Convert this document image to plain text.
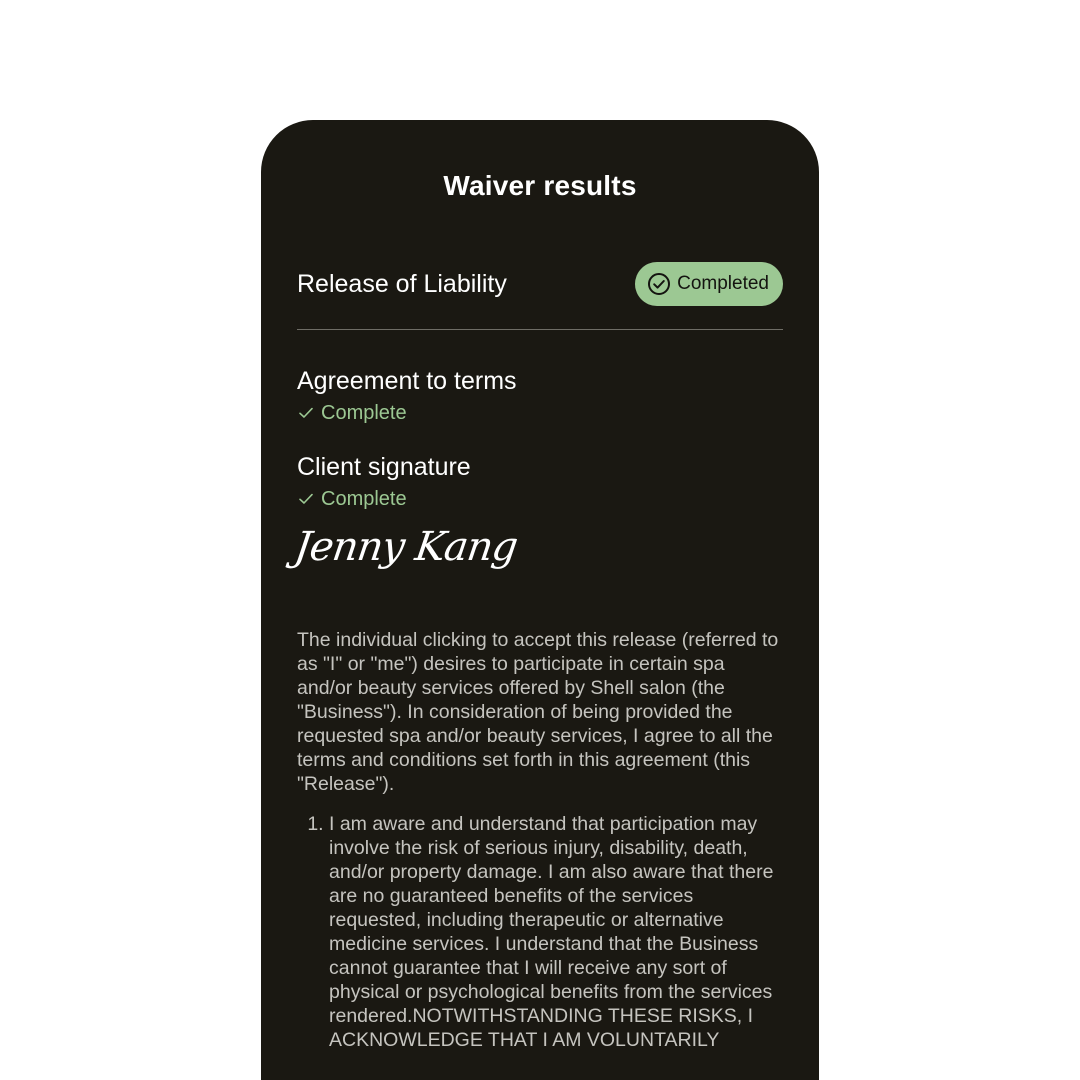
Waiver results
Release of Liability	Completed
Agreement to terms
Complete
Client signature
Complete
Jenny Kang

The individual clicking to accept this release (referred to as "I" or "me") desires to participate in certain spa and/or beauty services offered by Shell salon (the "Business"). In consideration of being provided the requested spa and/or beauty services, I agree to all the terms and conditions set forth in this agreement (this "Release").

1. I am aware and understand that participation may involve the risk of serious injury, disability, death, and/or property damage. I am also aware that there are no guaranteed benefits of the services requested, including therapeutic or alternative medicine services. I understand that the Business cannot guarantee that I will receive any sort of physical or psychological benefits from the services rendered.NOTWITHSTANDING THESE RISKS, I ACKNOWLEDGE THAT I AM VOLUNTARILY
